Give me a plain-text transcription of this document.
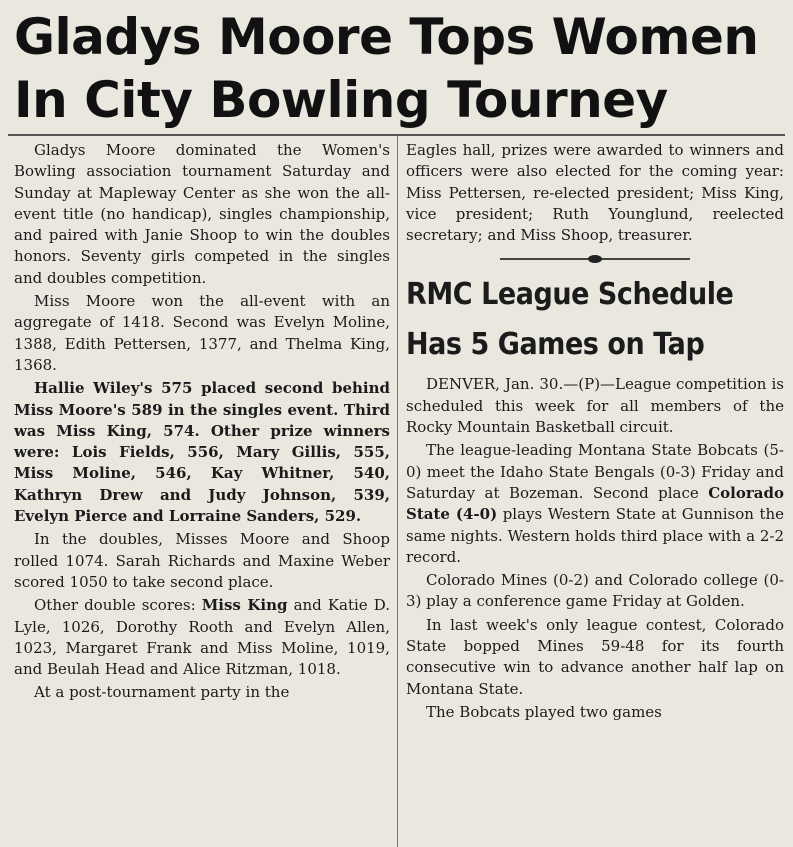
Gladys Moore Tops Women
In City Bowling Tourney

Gladys Moore dominated the Women's Bowling association tournament Saturday and Sunday at Mapleway Center as she won the all-event title (no handicap), singles championship, and paired with Janie Shoop to win the doubles honors. Seventy girls competed in the singles and doubles competition.

Miss Moore won the all-event with an aggregate of 1418. Second was Evelyn Moline, 1388, Edith Pettersen, 1377, and Thelma King, 1368.

Hallie Wiley's 575 placed second behind Miss Moore's 589 in the singles event. Third was Miss King, 574. Other prize winners were: Lois Fields, 556, Mary Gillis, 555, Miss Moline, 546, Kay Whitner, 540, Kathryn Drew and Judy Johnson, 539, Evelyn Pierce and Lorraine Sanders, 529.

In the doubles, Misses Moore and Shoop rolled 1074. Sarah Richards and Maxine Weber scored 1050 to take second place.

Other double scores: Miss King and Katie D. Lyle, 1026, Dorothy Rooth and Evelyn Allen, 1023, Margaret Frank and Miss Moline, 1019, and Beulah Head and Alice Ritzman, 1018.

At a post-tournament party in the

Eagles hall, prizes were awarded to winners and officers were also elected for the coming year: Miss Pettersen, re-elected president; Miss King, vice president; Ruth Younglund, reelected secretary; and Miss Shoop, treasurer.

RMC League Schedule
Has 5 Games on Tap

DENVER, Jan. 30.—(P)—League competition is scheduled this week for all members of the Rocky Mountain Basketball circuit.

The league-leading Montana State Bobcats (5-0) meet the Idaho State Bengals (0-3) Friday and Saturday at Bozeman. Second place Colorado State (4-0) plays Western State at Gunnison the same nights. Western holds third place with a 2-2 record.

Colorado Mines (0-2) and Colorado college (0-3) play a conference game Friday at Golden.

In last week's only league contest, Colorado State bopped Mines 59-48 for its fourth consecutive win to advance another half lap on Montana State.

The Bobcats played two games
